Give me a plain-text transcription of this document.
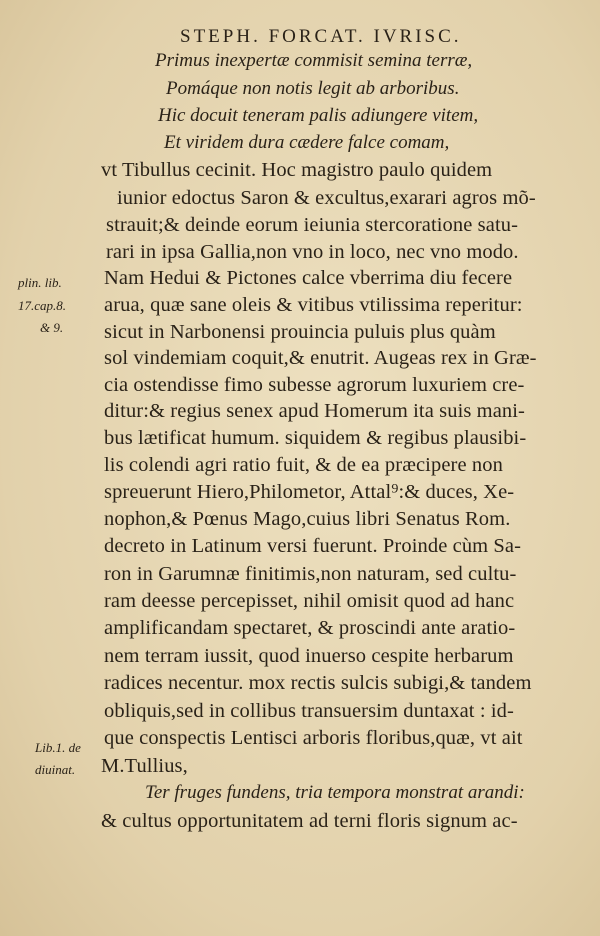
STEPH. FORCAT. IVRISC.
Primus inexpertæ commisit semina terræ,
Pomáque non notis legit ab arboribus.
Hic docuit teneram palis adiungere vitem,
Et viridem dura cædere falce comam,
vt Tibullus cecinit. Hoc magistro paulo quidem
iunior edoctus Saron & excultus,exarari agros mõ-
strauit;& deinde eorum ieiunia stercoratione satu-
rari in ipsa Gallia,non vno in loco, nec vno modo.
Nam Hedui & Pictones calce vberrima diu fecere
arua, quæ sane oleis & vitibus vtilissima reperitur:
sicut in Narbonensi prouincia puluis plus quàm
sol vindemiam coquit,& enutrit. Augeas rex in Græ-
cia ostendisse fimo subesse agrorum luxuriem cre-
ditur:& regius senex apud Homerum ita suis mani-
bus lætificat humum. siquidem & regibus plausibi-
lis colendi agri ratio fuit, & de ea præcipere non
spreuerunt Hiero,Philometor, Attal⁹:& duces, Xe-
nophon,& Pœnus Mago,cuius libri Senatus Rom.
decreto in Latinum versi fuerunt. Proinde cùm Sa-
ron in Garumnæ finitimis,non naturam, sed cultu-
ram deesse percepisset, nihil omisit quod ad hanc
amplificandam spectaret, & proscindi ante aratio-
nem terram iussit, quod inuerso cespite herbarum
radices necentur. mox rectis sulcis subigi,& tandem
obliquis,sed in collibus transuersim duntaxat : id-
que conspectis Lentisci arboris floribus,quæ, vt ait
M.Tullius,
Ter fruges fundens, tria tempora monstrat arandi:
& cultus opportunitatem ad terni floris signum ac-
plin. lib.
17.cap.8.
& 9.
Lib.1. de
diuinat.
